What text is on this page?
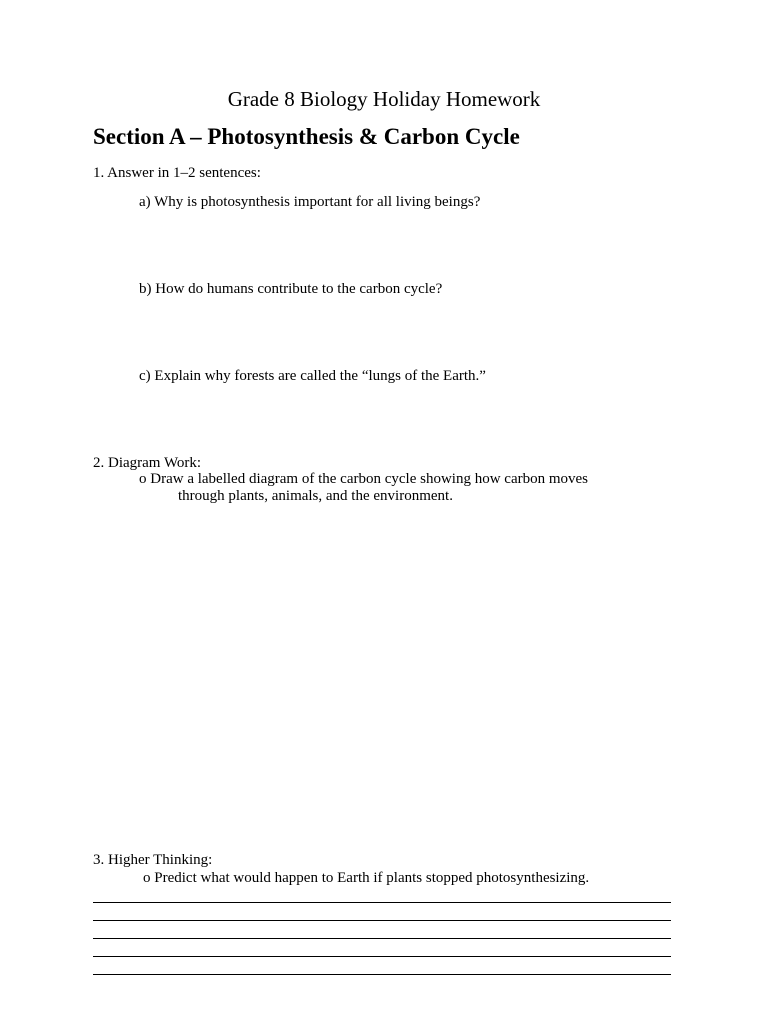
Grade 8 Biology Holiday Homework
Section A – Photosynthesis & Carbon Cycle
1. Answer in 1–2 sentences:
a) Why is photosynthesis important for all living beings?
b) How do humans contribute to the carbon cycle?
c) Explain why forests are called the “lungs of the Earth.”
2. Diagram Work:
o Draw a labelled diagram of the carbon cycle showing how carbon moves
through plants, animals, and the environment.
3. Higher Thinking:
o Predict what would happen to Earth if plants stopped photosynthesizing.
